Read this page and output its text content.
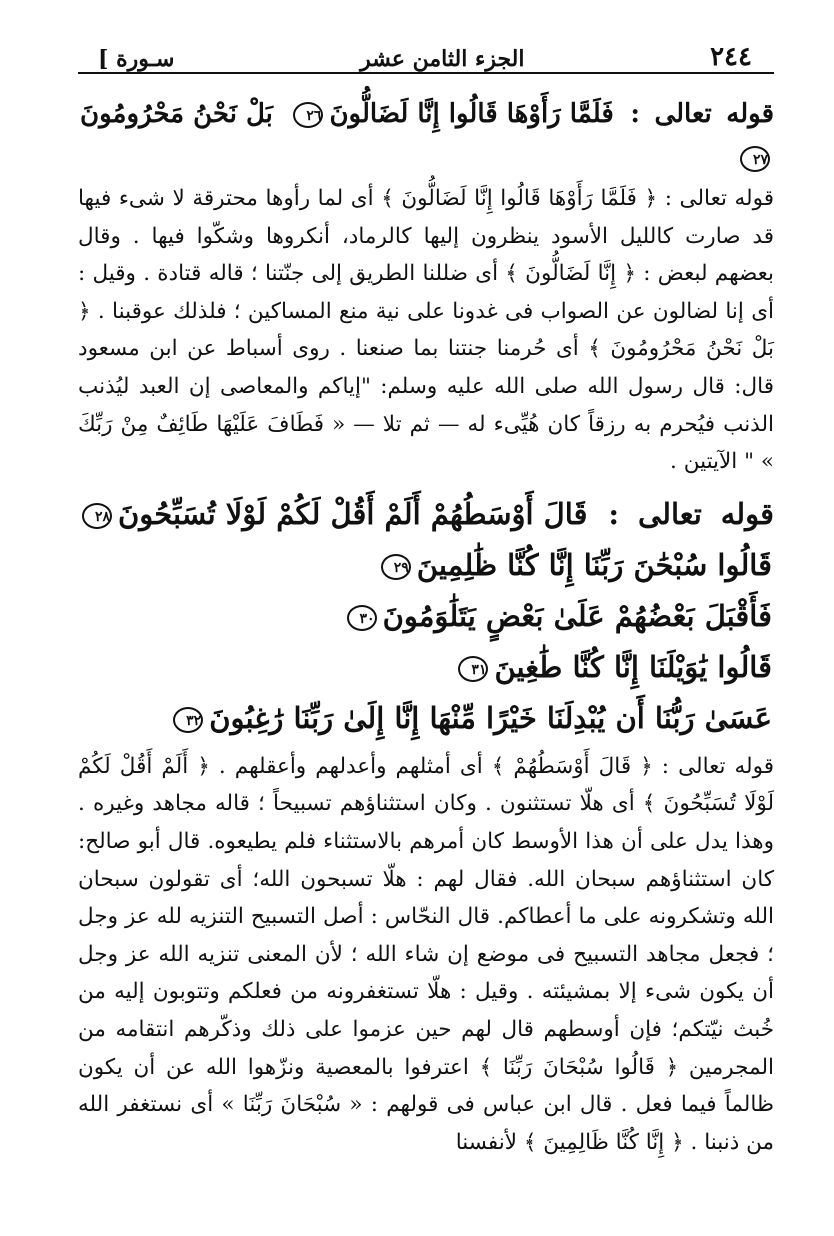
٢٤٤
الجزء الثامن عشر
سـورة ]

قوله تعالى : فَلَمَّا رَأَوْهَا قَالُوا إِنَّا لَضَالُّونَ٢٦ بَلْ نَحْنُ مَحْرُومُونَ٢٧

قوله تعالى : ﴿ فَلَمَّا رَأَوْهَا قَالُوا إِنَّا لَضَالُّونَ ﴾ أى لما رأوها محترقة لا شىء فيها قد صارت كالليل الأسود ينظرون إليها كالرماد، أنكروها وشكّوا فيها . وقال بعضهم لبعض : ﴿ إِنَّا لَضَالُّونَ ﴾ أى ضللنا الطريق إلى جنّتنا ؛ قاله قتادة . وقيل : أى إنا لضالون عن الصواب فى غدونا على نية منع المساكين ؛ فلذلك عوقبنا . ﴿ بَلْ نَحْنُ مَحْرُومُونَ ﴾ أى حُرمنا جنتنا بما صنعنا . روى أسباط عن ابن مسعود قال: قال رسول الله صلى الله عليه وسلم: "إياكم والمعاصى إن العبد ليُذنب الذنب فيُحرم به رزقاً كان هُيِّىء له — ثم تلا — « فَطَافَ عَلَيْهَا طَائِفٌ مِنْ رَبِّكَ » " الآيتين .

قوله تعالى : قَالَ أَوْسَطُهُمْ أَلَمْ أَقُلْ لَكُمْ لَوْلَا تُسَبِّحُونَ٢٨ قَالُوا سُبْحَٰنَ رَبِّنَا إِنَّا كُنَّا ظَٰلِمِينَ٢٩ فَأَقْبَلَ بَعْضُهُمْ عَلَىٰ بَعْضٍ يَتَلَٰوَمُونَ٣٠ قَالُوا يَٰوَيْلَنَا إِنَّا كُنَّا طَٰغِينَ٣١ عَسَىٰ رَبُّنَا أَن يُبْدِلَنَا خَيْرًا مِّنْهَا إِنَّا إِلَىٰ رَبِّنَا رَٰغِبُونَ٣٢

قوله تعالى : ﴿ قَالَ أَوْسَطُهُمْ ﴾ أى أمثلهم وأعدلهم وأعقلهم . ﴿ أَلَمْ أَقُلْ لَكُمْ لَوْلَا تُسَبِّحُونَ ﴾ أى هلّا تستثنون . وكان استثناؤهم تسبيحاً ؛ قاله مجاهد وغيره . وهذا يدل على أن هذا الأوسط كان أمرهم بالاستثناء فلم يطيعوه. قال أبو صالح: كان استثناؤهم سبحان الله. فقال لهم : هلّا تسبحون الله؛ أى تقولون سبحان الله وتشكرونه على ما أعطاكم. قال النحّاس : أصل التسبيح التنزيه لله عز وجل ؛ فجعل مجاهد التسبيح فى موضع إن شاء الله ؛ لأن المعنى تنزيه الله عز وجل أن يكون شىء إلا بمشيئته . وقيل : هلّا تستغفرونه من فعلكم وتتوبون إليه من خُبث نيّتكم؛ فإن أوسطهم قال لهم حين عزموا على ذلك وذكّرهم انتقامه من المجرمين ﴿ قَالُوا سُبْحَانَ رَبِّنَا ﴾ اعترفوا بالمعصية ونزّهوا الله عن أن يكون ظالماً فيما فعل . قال ابن عباس فى قولهم : « سُبْحَانَ رَبِّنَا » أى نستغفر الله من ذنبنا . ﴿ إِنَّا كُنَّا ظَالِمِينَ ﴾ لأنفسنا
